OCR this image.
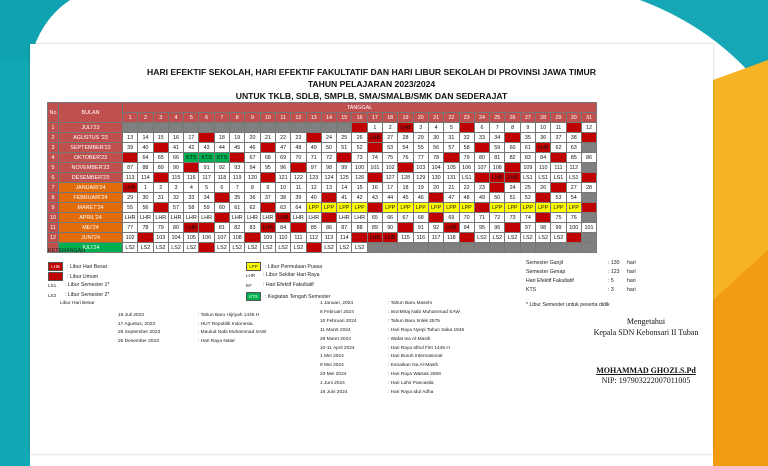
HARI EFEKTIF SEKOLAH, HARI EFEKTIF FAKULTATIF DAN HARI LIBUR SEKOLAH DI PROVINSI JAWA TIMUR
TAHUN PELAJARAN 2023/2024
UNTUK TKLB, SDLB, SMPLB, SMA/SMALB/SMK DAN SEDERAJAT
No	BULAN	TANGGAL																														
		1	2	3	4	5	6	7	8	9	10	11	12	13	14	15	16	17	18	19	20	21	22	23	24	25	26	27	28	29	30	31
1	JULI'23																	1	2	LHB	3	4	5		6	7	8	9	10	11		12
2	AGUSTUS '23	13	14	15	16	17		18	19	20	21	22	23		24	25	26	LHB	27	28	29	30	31	32	33	34		35	36	37	38	
3	SEPTEMBER'23	39	40		41	42	43	44	45	46		47	48	49	50	51	52		53	54	55	56	57	58		59	60	61	LHB	62	63	
4	OKTOBER'23		64	65	66	KTS	KTS	KTS		67	68	69	70	71	72		73	74	75	76	77	78		79	80	81	82	83	84		85	86
5	NOVEMBER'23	87	88	89	90		91	92	93	94	95	96		97	98	99	100	101	102		103	104	105	106	107	108		109	110	111	112	
6	DESEMBER'23	113	114		115	116	117	118	119	120		121	122	123	124	125	126		127	128	129	130	131	LS1		LHB	LHB	LS1	LS1	LS1	LS1	
7	JANUARI'24	LHB	1	2	3	4	5	6	7	8	9	10	11	12	13	14	15	16	17	18	19	20	21	22	23		24	25	26		27	28
8	FEBRUARI'24	29	30	31	32	33	34		35	36	37	38	39	40		41	42	43	44	45	46		47	48	49	50	51	52		53	54	
9	MARET'24	55	56		57	58	59	60	61	62		63	64	LPP	LPP	LPP	LPP		LPP	LPP	LPP	LPP	LPP	LPP		LPP	LPP	LPP	LPP	LPP	LPP	
10	APRIL'24	LHR	LHR	LHR	LHR	LHR	LHR		LHR	LHR	LHR	LHB	LHR	LHR		LHR	LHR	65	66	67	68		69	70	71	72	73	74		75	76	
11	MEI'24	77	78	79	80	LHB		81	82	83	LHB	84		85	86	87	88	89	90		91	92	LHB	94	95	96		97	98	99	100	101
12	JUNI'24	102		103	104	105	106	107	108		109	110	111	112	113	114		LHB	LHB	115	116	117	118		LS2	LS2	LS2	LS2	LS2	LS2		
	JULI'24	LS2	LS2	LS2	LS2	LS2		LS2	LS2	LS2	LS2	LS2	LS2		LS2	LS2	LS2															
KETERANGAN
LHB	: Libur Hari Besar
: Libur Umum
LS1	: Libur Semester 1*
LS2	: Libur Semester 2*
LPP	: Libur Permulaan Puasa
LHR	: Libur Sekitar Hari Raya
EF	: Hari Efektif Fakultatif
KTS	: Kegiatan Tengah Semester
Semester Ganjil	: 130 hari
Semester Genap	: 123 hari
Hari Efektif Fakultatif	: 5	hari
KTS	: 3	hari
* Libur Semester untuk peserta didik
Libur Hari Besar
19 Juli 2023	: Tahun Baru Hijriyah 1445 H
17 Agustus, 2023	: HUT Republik Indonesia
28 September 2023	: Maulud Nabi Muhammad SAW
25 Desember 2023	: Hari Raya Natal
1 Januari, 2024	: Tahun Baru Masehi
8 Februari 2024	: Isra'Miraj Nabi Muhammad SAW
10 Februari 2024	: Tahun Baru Imlek 2575
11 Maret 2024	: Hari Raya Nyepi Tahun Saka 1946
29 Maret 2024	: Wafat Isa Al-Masih
10-11 April 2024	: Hari Raya Idhul Fitri 1445 H
1 Mei 2024	: Hari Buruh Internasional
9 Mei 2024	: Kenaikan Isa Al-Masih
23 Mei 2024	: Hari Raya Waisak 2568
1 Juni 2024	: Hari Lahir Pancasila
16 Juni 2024	: Hari Raya Idul Adha
Mengetahui
Kepala SDN Kebonsari II Tuban
MOHAMMAD GHOZLS.Pd
NIP: 197903222007011005
